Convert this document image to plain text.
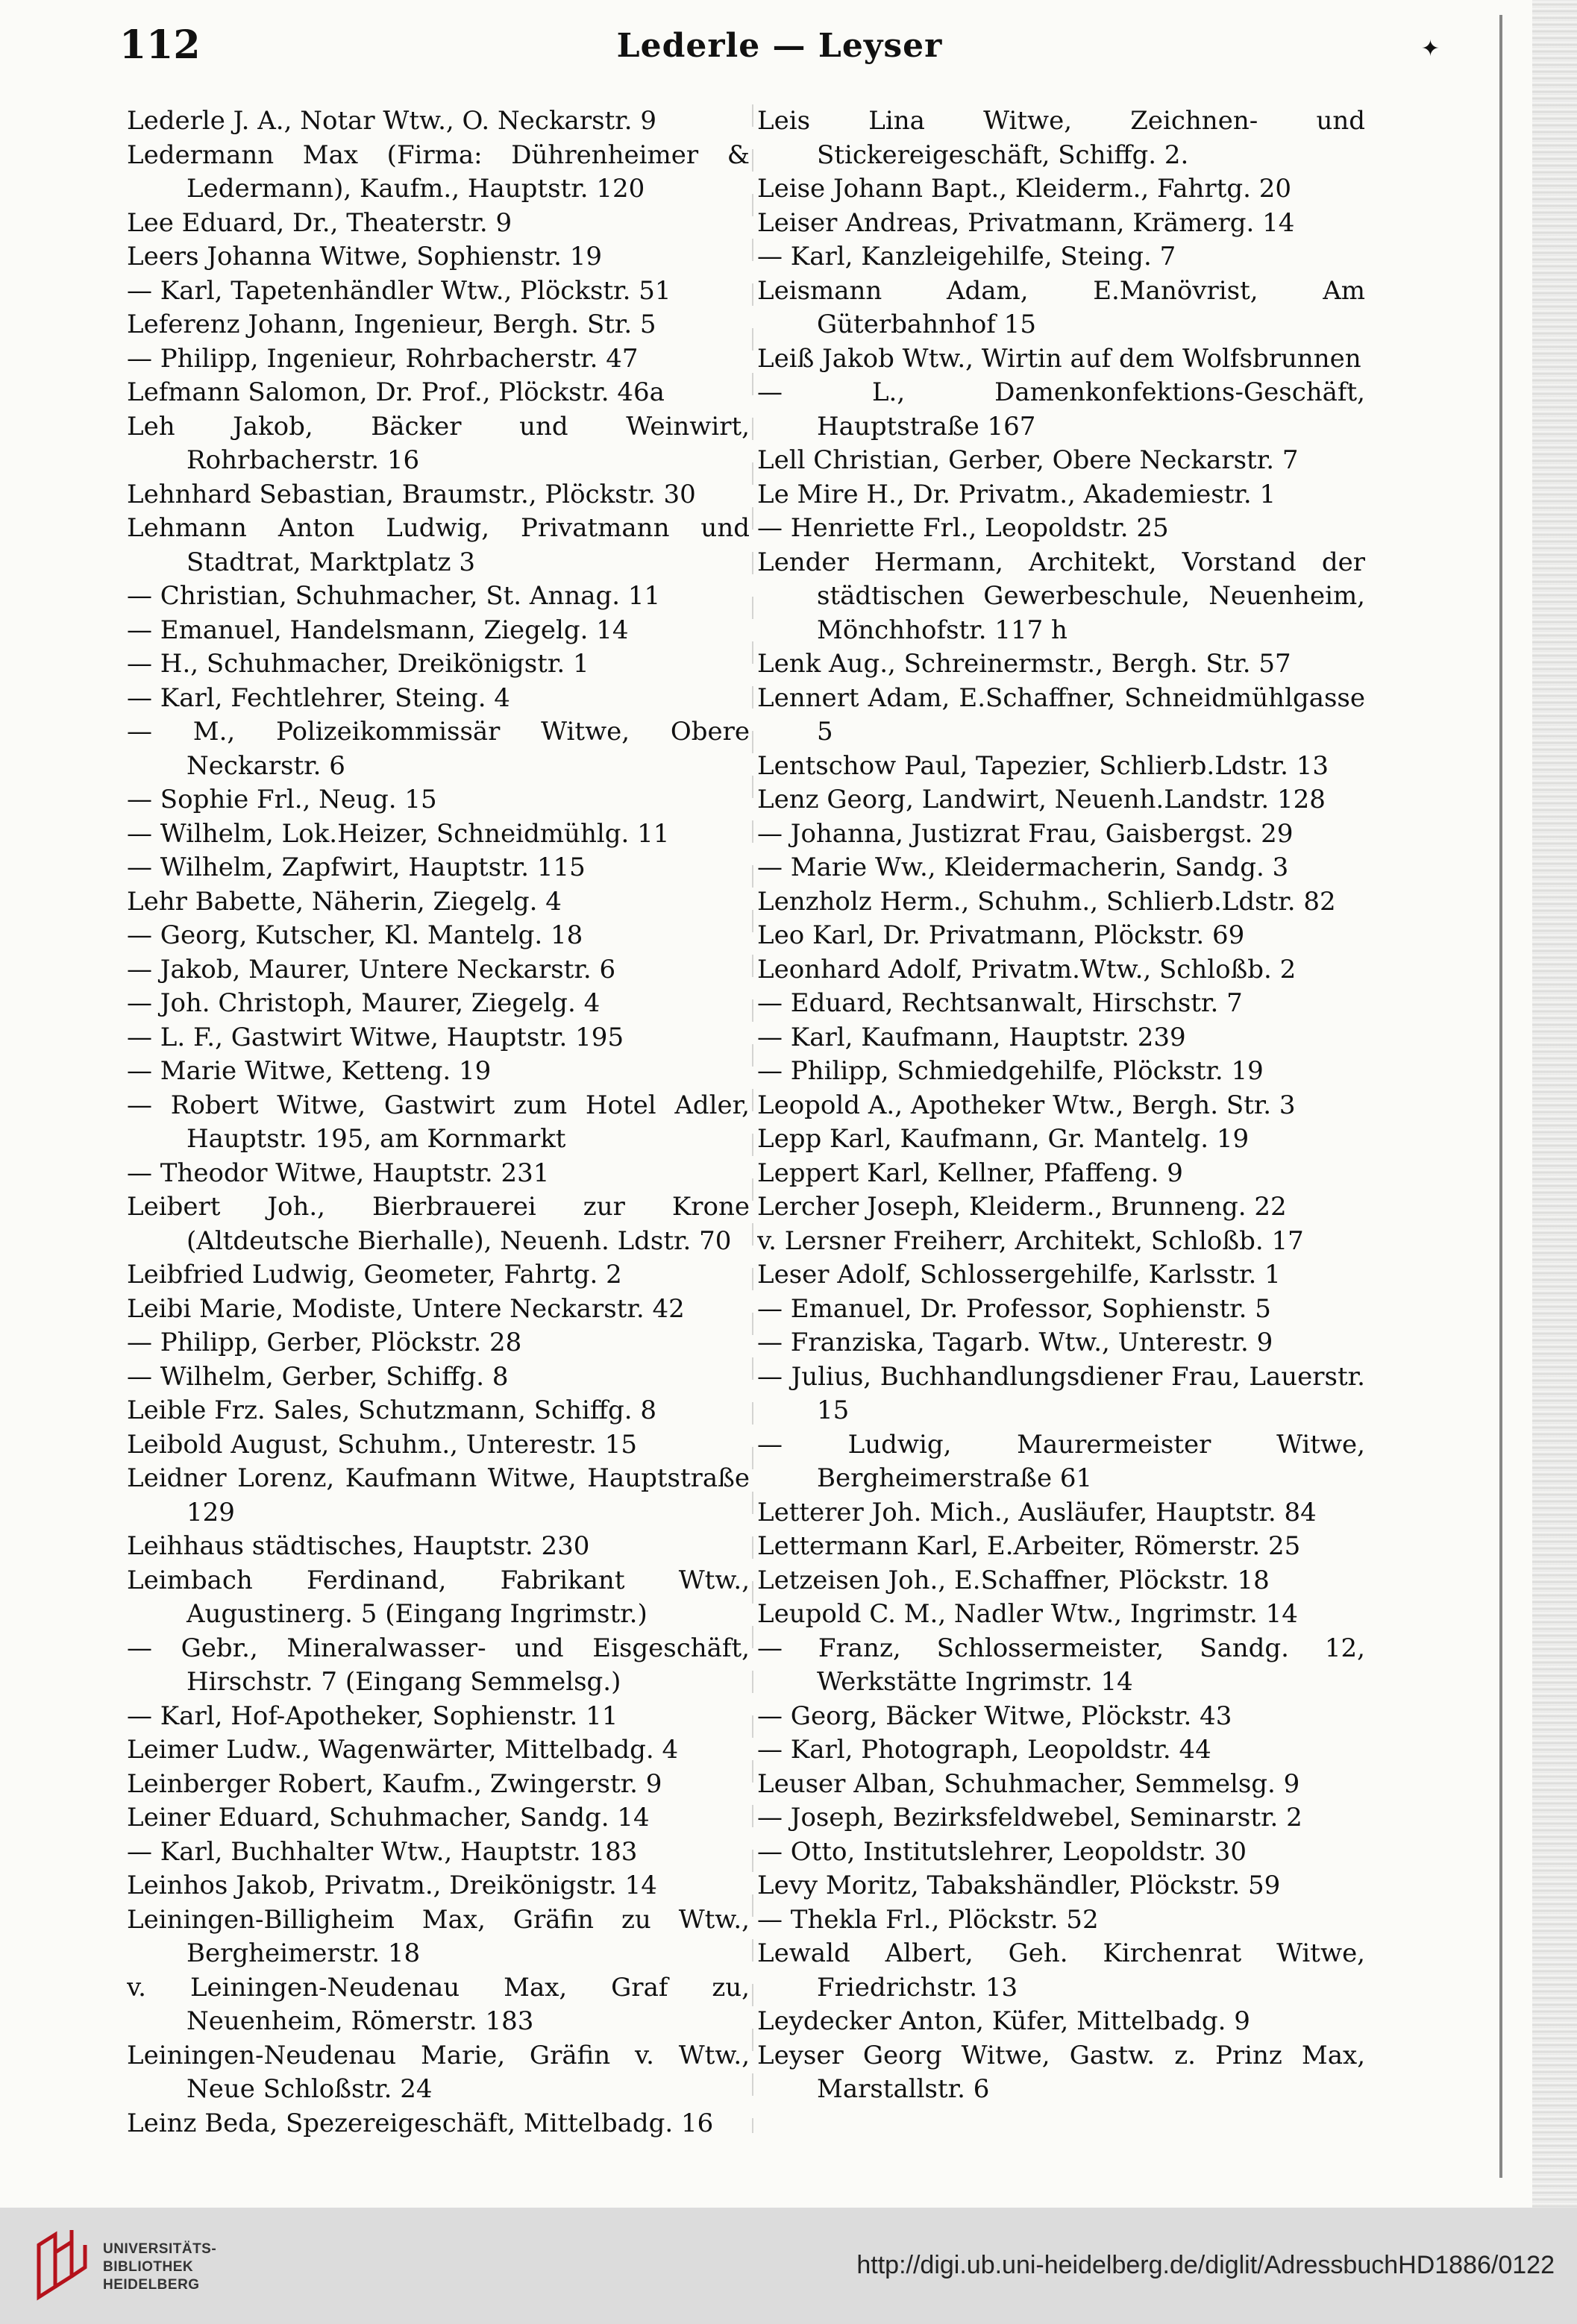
112	Lederle — Leyser	✦
Lederle J. A., Notar Wtw., O. Neckarstr. 9
Ledermann Max (Firma: Dührenheimer & Ledermann), Kaufm., Hauptstr. 120
Lee Eduard, Dr., Theaterstr. 9
Leers Johanna Witwe, Sophienstr. 19
— Karl, Tapetenhändler Wtw., Plöckstr. 51
Leferenz Johann, Ingenieur, Bergh. Str. 5
— Philipp, Ingenieur, Rohrbacherstr. 47
Lefmann Salomon, Dr. Prof., Plöckstr. 46a
Leh Jakob, Bäcker und Weinwirt, Rohrbacherstr. 16
Lehnhard Sebastian, Braumstr., Plöckstr. 30
Lehmann Anton Ludwig, Privatmann und Stadtrat, Marktplatz 3
— Christian, Schuhmacher, St. Annag. 11
— Emanuel, Handelsmann, Ziegelg. 14
— H., Schuhmacher, Dreikönigstr. 1
— Karl, Fechtlehrer, Steing. 4
— M., Polizeikommissär Witwe, Obere Neckarstr. 6
— Sophie Frl., Neug. 15
— Wilhelm, Lok.Heizer, Schneidmühlg. 11
— Wilhelm, Zapfwirt, Hauptstr. 115
Lehr Babette, Näherin, Ziegelg. 4
— Georg, Kutscher, Kl. Mantelg. 18
— Jakob, Maurer, Untere Neckarstr. 6
— Joh. Christoph, Maurer, Ziegelg. 4
— L. F., Gastwirt Witwe, Hauptstr. 195
— Marie Witwe, Ketteng. 19
— Robert Witwe, Gastwirt zum Hotel Adler, Hauptstr. 195, am Kornmarkt
— Theodor Witwe, Hauptstr. 231
Leibert Joh., Bierbrauerei zur Krone (Altdeutsche Bierhalle), Neuenh. Ldstr. 70
Leibfried Ludwig, Geometer, Fahrtg. 2
Leibi Marie, Modiste, Untere Neckarstr. 42
— Philipp, Gerber, Plöckstr. 28
— Wilhelm, Gerber, Schiffg. 8
Leible Frz. Sales, Schutzmann, Schiffg. 8
Leibold August, Schuhm., Unterestr. 15
Leidner Lorenz, Kaufmann Witwe, Hauptstraße 129
Leihhaus städtisches, Hauptstr. 230
Leimbach Ferdinand, Fabrikant Wtw., Augustinerg. 5 (Eingang Ingrimstr.)
— Gebr., Mineralwasser- und Eisgeschäft, Hirschstr. 7 (Eingang Semmelsg.)
— Karl, Hof-Apotheker, Sophienstr. 11
Leimer Ludw., Wagenwärter, Mittelbadg. 4
Leinberger Robert, Kaufm., Zwingerstr. 9
Leiner Eduard, Schuhmacher, Sandg. 14
— Karl, Buchhalter Wtw., Hauptstr. 183
Leinhos Jakob, Privatm., Dreikönigstr. 14
Leiningen-Billigheim Max, Gräfin zu Wtw., Bergheimerstr. 18
v. Leiningen-Neudenau Max, Graf zu, Neuenheim, Römerstr. 183
Leiningen-Neudenau Marie, Gräfin v. Wtw., Neue Schloßstr. 24
Leinz Beda, Spezereigeschäft, Mittelbadg. 16
Leis Lina Witwe, Zeichnen- und Stickereigeschäft, Schiffg. 2.
Leise Johann Bapt., Kleiderm., Fahrtg. 20
Leiser Andreas, Privatmann, Krämerg. 14
— Karl, Kanzleigehilfe, Steing. 7
Leismann Adam, E.Manövrist, Am Güterbahnhof 15
Leiß Jakob Wtw., Wirtin auf dem Wolfsbrunnen
— L., Damenkonfektions-Geschäft, Hauptstraße 167
Lell Christian, Gerber, Obere Neckarstr. 7
Le Mire H., Dr. Privatm., Akademiestr. 1
— Henriette Frl., Leopoldstr. 25
Lender Hermann, Architekt, Vorstand der städtischen Gewerbeschule, Neuenheim, Mönchhofstr. 117 h
Lenk Aug., Schreinermstr., Bergh. Str. 57
Lennert Adam, E.Schaffner, Schneidmühlgasse 5
Lentschow Paul, Tapezier, Schlierb.Ldstr. 13
Lenz Georg, Landwirt, Neuenh.Landstr. 128
— Johanna, Justizrat Frau, Gaisbergst. 29
— Marie Ww., Kleidermacherin, Sandg. 3
Lenzholz Herm., Schuhm., Schlierb.Ldstr. 82
Leo Karl, Dr. Privatmann, Plöckstr. 69
Leonhard Adolf, Privatm.Wtw., Schloßb. 2
— Eduard, Rechtsanwalt, Hirschstr. 7
— Karl, Kaufmann, Hauptstr. 239
— Philipp, Schmiedgehilfe, Plöckstr. 19
Leopold A., Apotheker Wtw., Bergh. Str. 3
Lepp Karl, Kaufmann, Gr. Mantelg. 19
Leppert Karl, Kellner, Pfaffeng. 9
Lercher Joseph, Kleiderm., Brunneng. 22
v. Lersner Freiherr, Architekt, Schloßb. 17
Leser Adolf, Schlossergehilfe, Karlsstr. 1
— Emanuel, Dr. Professor, Sophienstr. 5
— Franziska, Tagarb. Wtw., Unterestr. 9
— Julius, Buchhandlungsdiener Frau, Lauerstr. 15
— Ludwig, Maurermeister Witwe, Bergheimerstraße 61
Letterer Joh. Mich., Ausläufer, Hauptstr. 84
Lettermann Karl, E.Arbeiter, Römerstr. 25
Letzeisen Joh., E.Schaffner, Plöckstr. 18
Leupold C. M., Nadler Wtw., Ingrimstr. 14
— Franz, Schlossermeister, Sandg. 12, Werkstätte Ingrimstr. 14
— Georg, Bäcker Witwe, Plöckstr. 43
— Karl, Photograph, Leopoldstr. 44
Leuser Alban, Schuhmacher, Semmelsg. 9
— Joseph, Bezirksfeldwebel, Seminarstr. 2
— Otto, Institutslehrer, Leopoldstr. 30
Levy Moritz, Tabakshändler, Plöckstr. 59
— Thekla Frl., Plöckstr. 52
Lewald Albert, Geh. Kirchenrat Witwe, Friedrichstr. 13
Leydecker Anton, Küfer, Mittelbadg. 9
Leyser Georg Witwe, Gastw. z. Prinz Max, Marstallstr. 6
UNIVERSITÄTS-
BIBLIOTHEK
HEIDELBERG
http://digi.ub.uni-heidelberg.de/diglit/AdressbuchHD1886/0122
